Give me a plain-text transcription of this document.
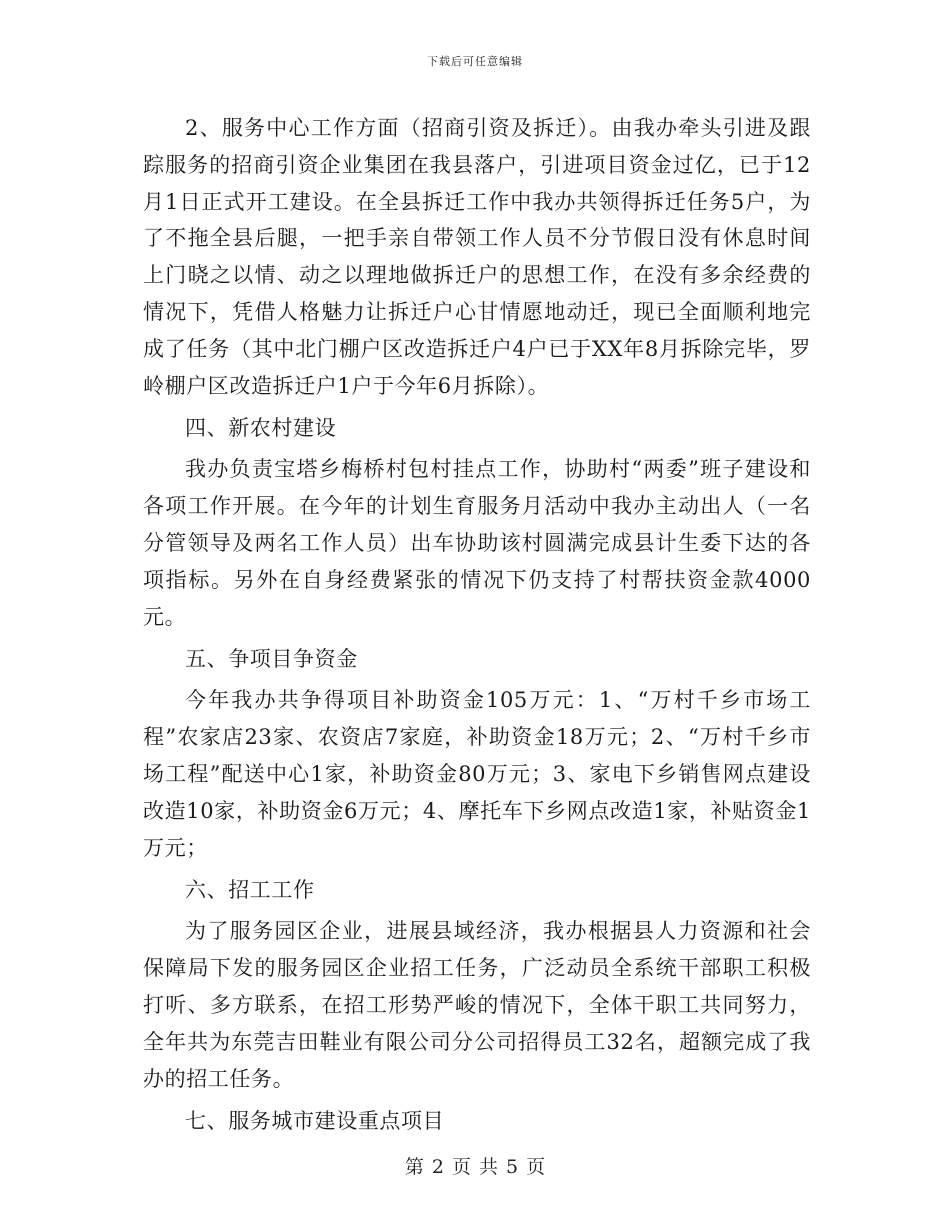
下载后可任意编辑

2、服务中心工作方面（招商引资及拆迁）。由我办牵头引进及跟踪服务的招商引资企业集团在我县落户，引进项目资金过亿，已于12月1日正式开工建设。在全县拆迁工作中我办共领得拆迁任务5户，为了不拖全县后腿，一把手亲自带领工作人员不分节假日没有休息时间上门晓之以情、动之以理地做拆迁户的思想工作，在没有多余经费的情况下，凭借人格魅力让拆迁户心甘情愿地动迁，现已全面顺利地完成了任务（其中北门棚户区改造拆迁户4户已于XX年8月拆除完毕，罗岭棚户区改造拆迁户1户于今年6月拆除）。

四、新农村建设

我办负责宝塔乡梅桥村包村挂点工作，协助村“两委”班子建设和各项工作开展。在今年的计划生育服务月活动中我办主动出人（一名分管领导及两名工作人员）出车协助该村圆满完成县计生委下达的各项指标。另外在自身经费紧张的情况下仍支持了村帮扶资金款4000元。

五、争项目争资金

今年我办共争得项目补助资金105万元：1、“万村千乡市场工程”农家店23家、农资店7家庭，补助资金18万元；2、“万村千乡市场工程”配送中心1家，补助资金80万元；3、家电下乡销售网点建设改造10家，补助资金6万元；4、摩托车下乡网点改造1家，补贴资金1万元；

六、招工工作

为了服务园区企业，进展县域经济，我办根据县人力资源和社会保障局下发的服务园区企业招工任务，广泛动员全系统干部职工积极打听、多方联系，在招工形势严峻的情况下，全体干职工共同努力，全年共为东莞吉田鞋业有限公司分公司招得员工32名，超额完成了我办的招工任务。

七、服务城市建设重点项目

第 2 页 共 5 页
